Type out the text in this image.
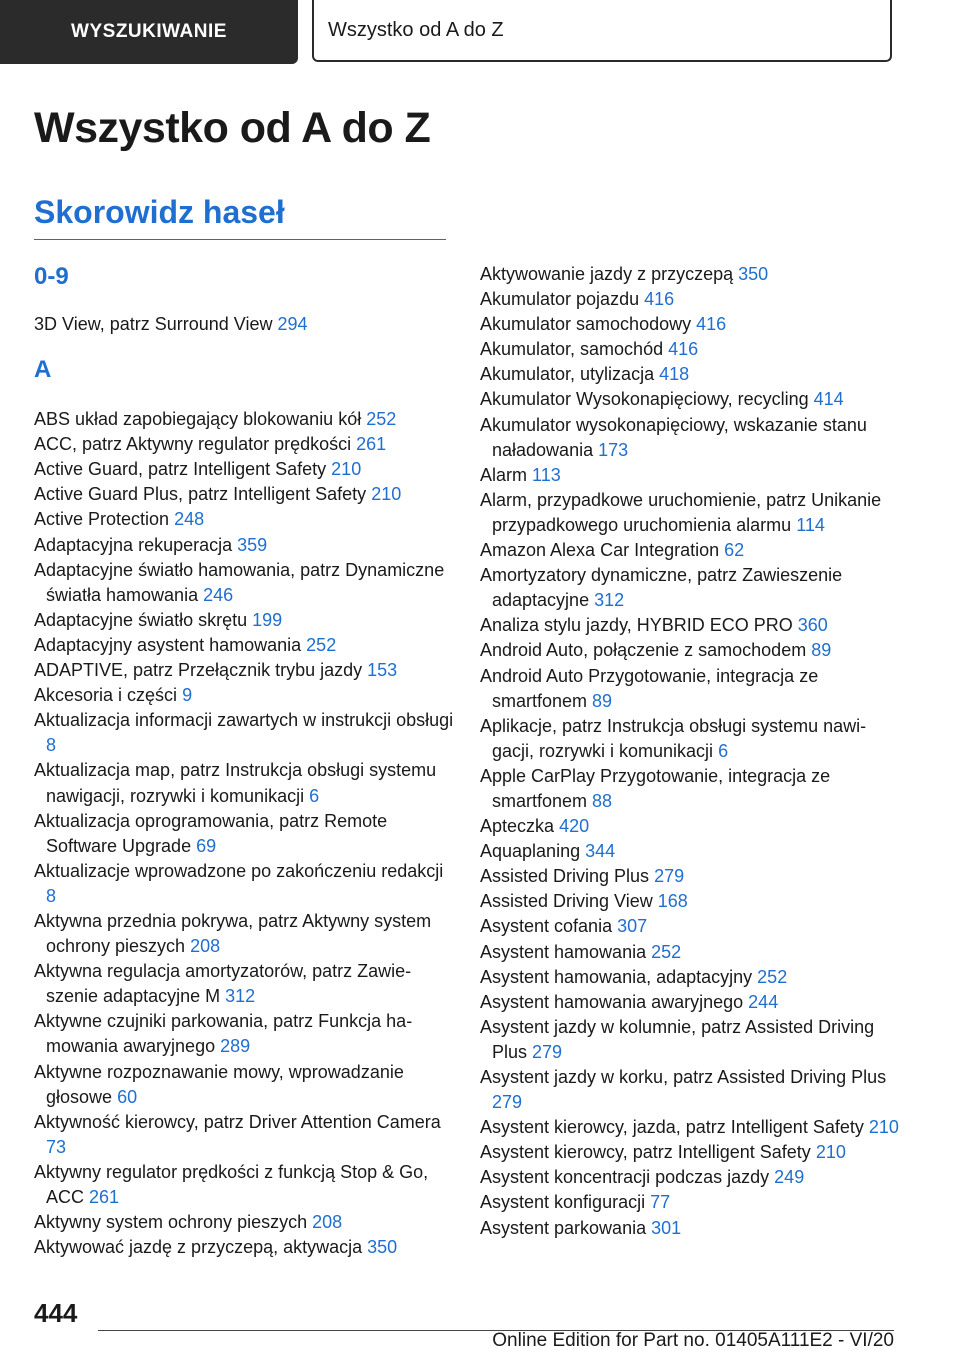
WYSZUKIWANIE	Wszystko od A do Z
Wszystko od A do Z
Skorowidz haseł

0-9

3D View, patrz Surround View 294

A

ABS układ zapobiegający blokowaniu kół 252

ACC, patrz Aktywny regulator prędkości 261

Active Guard, patrz Intelligent Safety 210

Active Guard Plus, patrz Intelligent Safety 210

Active Protection 248

Adaptacyjna rekuperacja 359

Adaptacyjne światło hamowania, patrz Dynamiczne światła hamowania 246

Adaptacyjne światło skrętu 199

Adaptacyjny asystent hamowania 252

ADAPTIVE, patrz Przełącznik trybu jazdy 153

Akcesoria i części 9

Aktualizacja informacji zawartych w instrukcji obsługi 8

Aktualizacja map, patrz Instrukcja obsługi systemu nawigacji, rozrywki i komunikacji 6

Aktualizacja oprogramowania, patrz Remote Software Upgrade 69

Aktualizacje wprowadzone po zakończeniu redakcji 8

Aktywna przednia pokrywa, patrz Aktywny system ochrony pieszych 208

Aktywna regulacja amortyzatorów, patrz Zawieszenie adaptacyjne M 312

Aktywne czujniki parkowania, patrz Funkcja hamowania awaryjnego 289

Aktywne rozpoznawanie mowy, wprowadzanie głosowe 60

Aktywność kierowcy, patrz Driver Attention Camera 73

Aktywny regulator prędkości z funkcją Stop & Go, ACC 261

Aktywny system ochrony pieszych 208

Aktywować jazdę z przyczepą, aktywacja 350

Aktywowanie jazdy z przyczepą 350

Akumulator pojazdu 416

Akumulator samochodowy 416

Akumulator, samochód 416

Akumulator, utylizacja 418

Akumulator Wysokonapięciowy, recycling 414

Akumulator wysokonapięciowy, wskazanie stanu naładowania 173

Alarm 113

Alarm, przypadkowe uruchomienie, patrz Unikanie przypadkowego uruchomienia alarmu 114

Amazon Alexa Car Integration 62

Amortyzatory dynamiczne, patrz Zawieszenie adaptacyjne 312

Analiza stylu jazdy, HYBRID ECO PRO 360

Android Auto, połączenie z samochodem 89

Android Auto Przygotowanie, integracja ze smartfonem 89

Aplikacje, patrz Instrukcja obsługi systemu nawigacji, rozrywki i komunikacji 6

Apple CarPlay Przygotowanie, integracja ze smartfonem 88

Apteczka 420

Aquaplaning 344

Assisted Driving Plus 279

Assisted Driving View 168

Asystent cofania 307

Asystent hamowania 252

Asystent hamowania, adaptacyjny 252

Asystent hamowania awaryjnego 244

Asystent jazdy w kolumnie, patrz Assisted Driving Plus 279

Asystent jazdy w korku, patrz Assisted Driving Plus 279

Asystent kierowcy, jazda, patrz Intelligent Safety 210

Asystent kierowcy, patrz Intelligent Safety 210

Asystent koncentracji podczas jazdy 249

Asystent konfiguracji 77

Asystent parkowania 301

444

Online Edition for Part no. 01405A111E2 - VI/20
